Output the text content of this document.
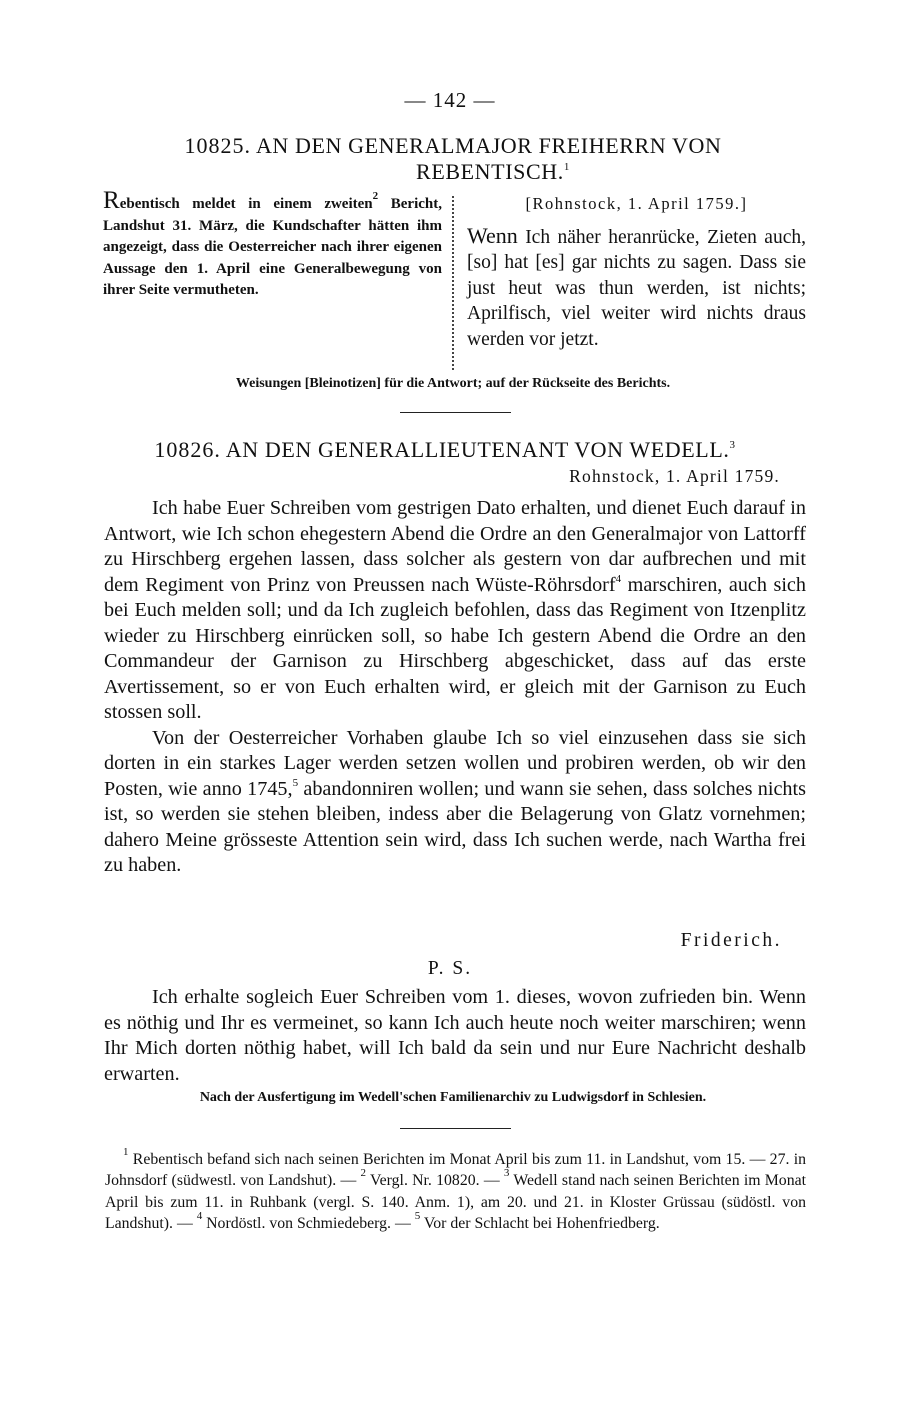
— 142 —
10825. AN DEN GENERALMAJOR FREIHERRN VON
REBENTISCH.$^1$
Rebentisch meldet in einem zweiten$^2$ Bericht, Landshut 31. März, die Kundschafter hätten ihm angezeigt, dass die Oesterreicher nach ihrer eigenen Aussage den 1. April eine Generalbewegung von ihrer Seite vermutheten.
[Rohnstock, 1. April 1759.]
Wenn Ich näher heranrücke, Zieten auch, [so] hat [es] gar nichts zu sagen. Dass sie just heut was thun werden, ist nichts; Aprilfisch, viel weiter wird nichts draus werden vor jetzt.
Weisungen [Bleinotizen] für die Antwort; auf der Rückseite des Berichts.
10826. AN DEN GENERALLIEUTENANT VON WEDELL.$^3$
Rohnstock, 1. April 1759.

Ich habe Euer Schreiben vom gestrigen Dato erhalten, und dienet Euch darauf in Antwort, wie Ich schon ehegestern Abend die Ordre an den Generalmajor von Lattorff zu Hirschberg ergehen lassen, dass solcher als gestern von dar aufbrechen und mit dem Regiment von Prinz von Preussen nach Wüste-Röhrsdorf$^4$ marschiren, auch sich bei Euch melden soll; und da Ich zugleich befohlen, dass das Regiment von Itzenplitz wieder zu Hirschberg einrücken soll, so habe Ich gestern Abend die Ordre an den Commandeur der Garnison zu Hirschberg abgeschicket, dass auf das erste Avertissement, so er von Euch erhalten wird, er gleich mit der Garnison zu Euch stossen soll.

Von der Oesterreicher Vorhaben glaube Ich so viel einzusehen dass sie sich dorten in ein starkes Lager werden setzen wollen und probiren werden, ob wir den Posten, wie anno 1745,$^5$ abandonniren wollen; und wann sie sehen, dass solches nichts ist, so werden sie stehen bleiben, indess aber die Belagerung von Glatz vornehmen; dahero Meine grösseste Attention sein wird, dass Ich suchen werde, nach Wartha frei zu haben.

Friderich.
P. S.

Ich erhalte sogleich Euer Schreiben vom 1. dieses, wovon zufrieden bin. Wenn es nöthig und Ihr es vermeinet, so kann Ich auch heute noch weiter marschiren; wenn Ihr Mich dorten nöthig habet, will Ich bald da sein und nur Eure Nachricht deshalb erwarten.

Nach der Ausfertigung im Wedell'schen Familienarchiv zu Ludwigsdorf in Schlesien.

$^1$ Rebentisch befand sich nach seinen Berichten im Monat April bis zum 11. in Landshut, vom 15. — 27. in Johnsdorf (südwestl. von Landshut). — $^2$ Vergl. Nr. 10820. — $^3$ Wedell stand nach seinen Berichten im Monat April bis zum 11. in Ruhbank (vergl. S. 140. Anm. 1), am 20. und 21. in Kloster Grüssau (südöstl. von Landshut). — $^4$ Nordöstl. von Schmiedeberg. — $^5$ Vor der Schlacht bei Hohenfriedberg.
